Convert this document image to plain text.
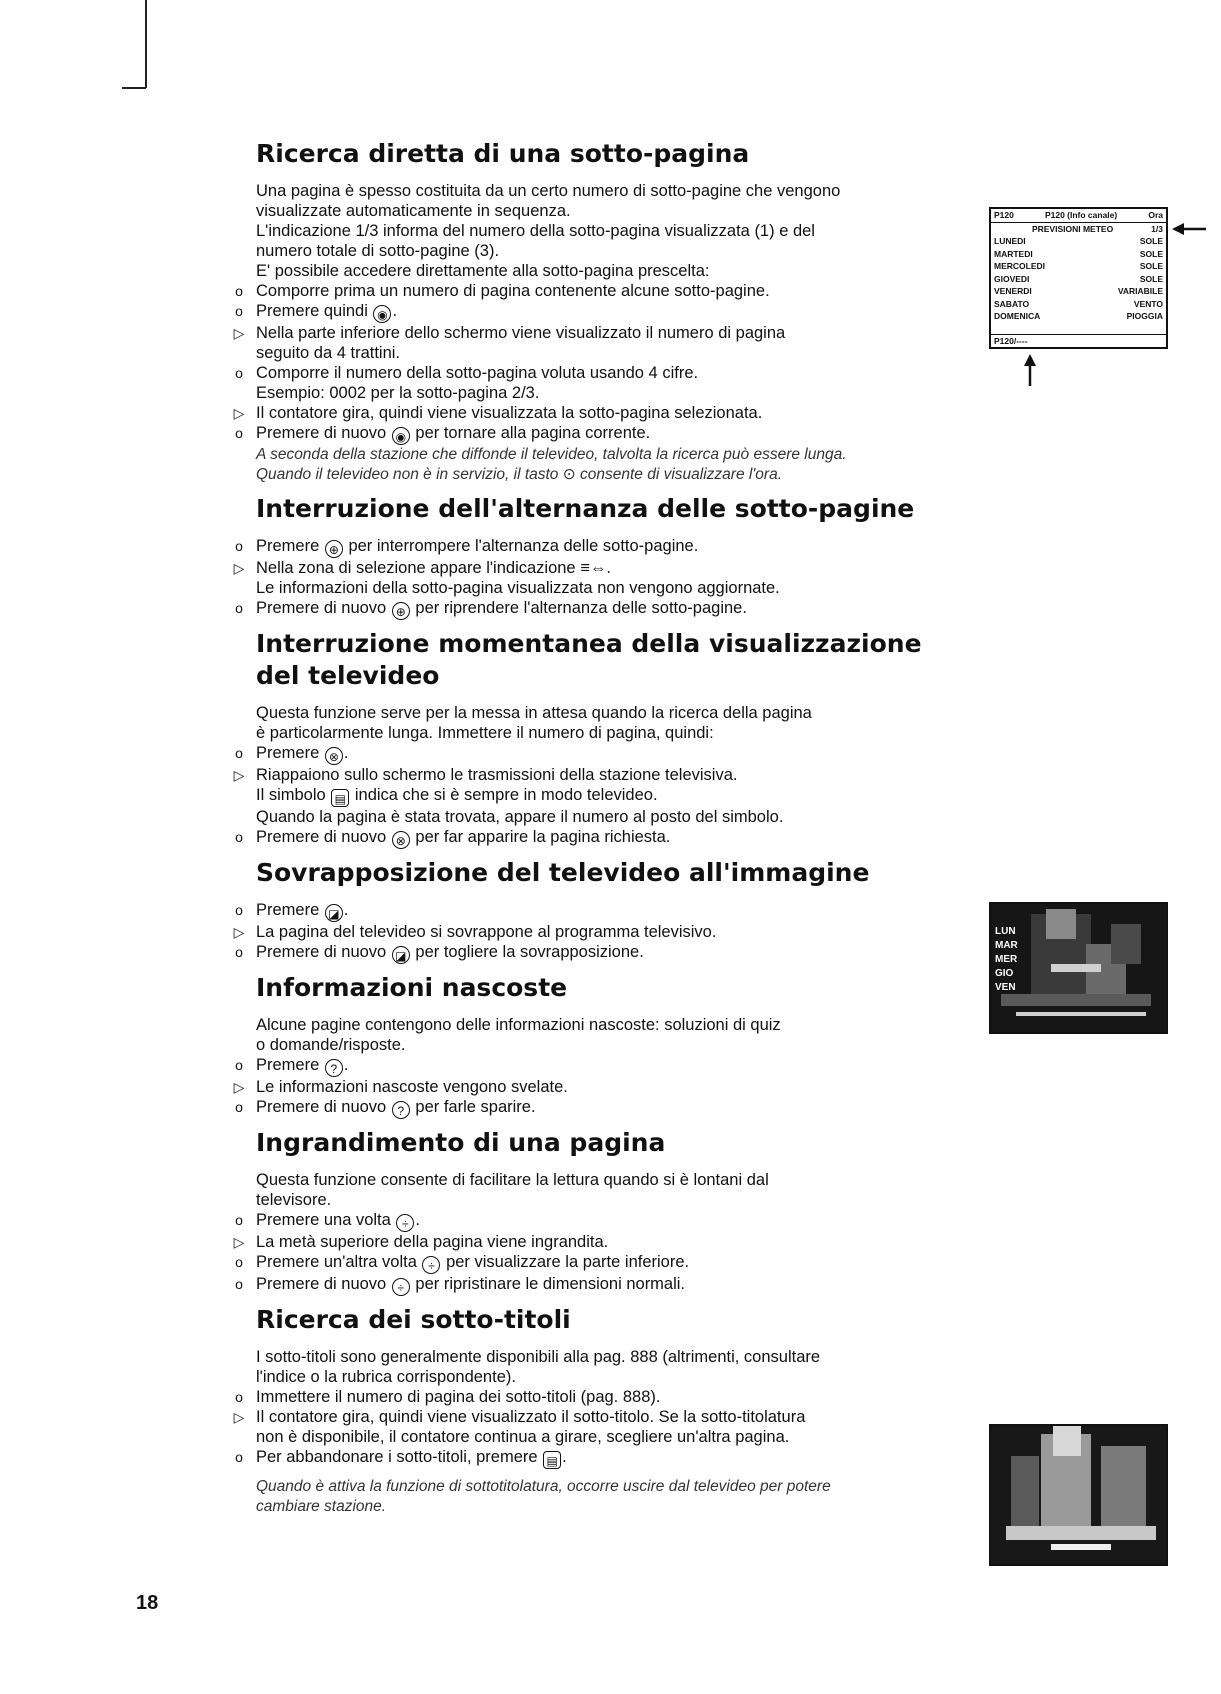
Ricerca diretta di una sotto-pagina

Una pagina è spesso costituita da un certo numero di sotto-pagine che vengono

visualizzate automaticamente in sequenza.

L'indicazione 1/3 informa del numero della sotto-pagina visualizzata (1) e del

numero totale di sotto-pagine (3).

E' possibile accedere direttamente alla sotto-pagina prescelta:

o Comporre prima un numero di pagina contenente alcune sotto-pagine.
o Premere quindi ◉ .
▷ Nella parte inferiore dello schermo viene visualizzato il numero di pagina
seguito da 4 trattini.
o Comporre il numero della sotto-pagina voluta usando 4 cifre.
Esempio: 0002 per la sotto-pagina 2/3.
▷ Il contatore gira, quindi viene visualizzata la sotto-pagina selezionata.
o Premere di nuovo ◉ per tornare alla pagina corrente.

A seconda della stazione che diffonde il televideo, talvolta la ricerca può essere lunga.

Quando il televideo non è in servizio, il tasto ⊙ consente di visualizzare l'ora.

Interruzione dell'alternanza delle sotto-pagine
o Premere ⊕ per interrompere l'alternanza delle sotto-pagine.
▷ Nella zona di selezione appare l'indicazione ≡⇔.
Le informazioni della sotto-pagina visualizzata non vengono aggiornate.
o Premere di nuovo ⊕ per riprendere l'alternanza delle sotto-pagine.
Interruzione momentanea della visualizzazione del televideo

Questa funzione serve per la messa in attesa quando la ricerca della pagina

è particolarmente lunga. Immettere il numero di pagina, quindi:

o Premere ⊗ .
▷ Riappaiono sullo schermo le trasmissioni della stazione televisiva.
Il simbolo ▤ indica che si è sempre in modo televideo.
Quando la pagina è stata trovata, appare il numero al posto del simbolo.
o Premere di nuovo ⊗ per far apparire la pagina richiesta.
Sovrapposizione del televideo all'immagine
o Premere ◪ .
▷ La pagina del televideo si sovrappone al programma televisivo.
o Premere di nuovo ◪ per togliere la sovrapposizione.
Informazioni nascoste

Alcune pagine contengono delle informazioni nascoste: soluzioni di quiz

o domande/risposte.

o Premere ? .
▷ Le informazioni nascoste vengono svelate.
o Premere di nuovo ? per farle sparire.
Ingrandimento di una pagina

Questa funzione consente di facilitare la lettura quando si è lontani dal

televisore.

o Premere una volta ÷ .
▷ La metà superiore della pagina viene ingrandita.
o Premere un'altra volta ÷ per visualizzare la parte inferiore.
o Premere di nuovo ÷ per ripristinare le dimensioni normali.
Ricerca dei sotto-titoli

I sotto-titoli sono generalmente disponibili alla pag. 888 (altrimenti, consultare

l'indice o la rubrica corrispondente).

o Immettere il numero di pagina dei sotto-titoli (pag. 888).
▷ Il contatore gira, quindi viene visualizzato il sotto-titolo. Se la sotto-titolatura
non è disponibile, il contatore continua a girare, scegliere un'altra pagina.
o Per abbandonare i sotto-titoli, premere ▤ .

Quando è attiva la funzione di sottotitolatura, occorre uscire dal televideo per potere

cambiare stazione.

P120	P120 (Info canale)	Ora
PREVISIONI METEO	1/3
LUNEDI	SOLE
MARTEDI	SOLE
MERCOLEDI	SOLE
GIOVEDI	SOLE
VENERDI	VARIABILE
SABATO	VENTO
DOMENICA	PIOGGIA
P120/----
LUN
MAR
MER
GIO
VEN
18
